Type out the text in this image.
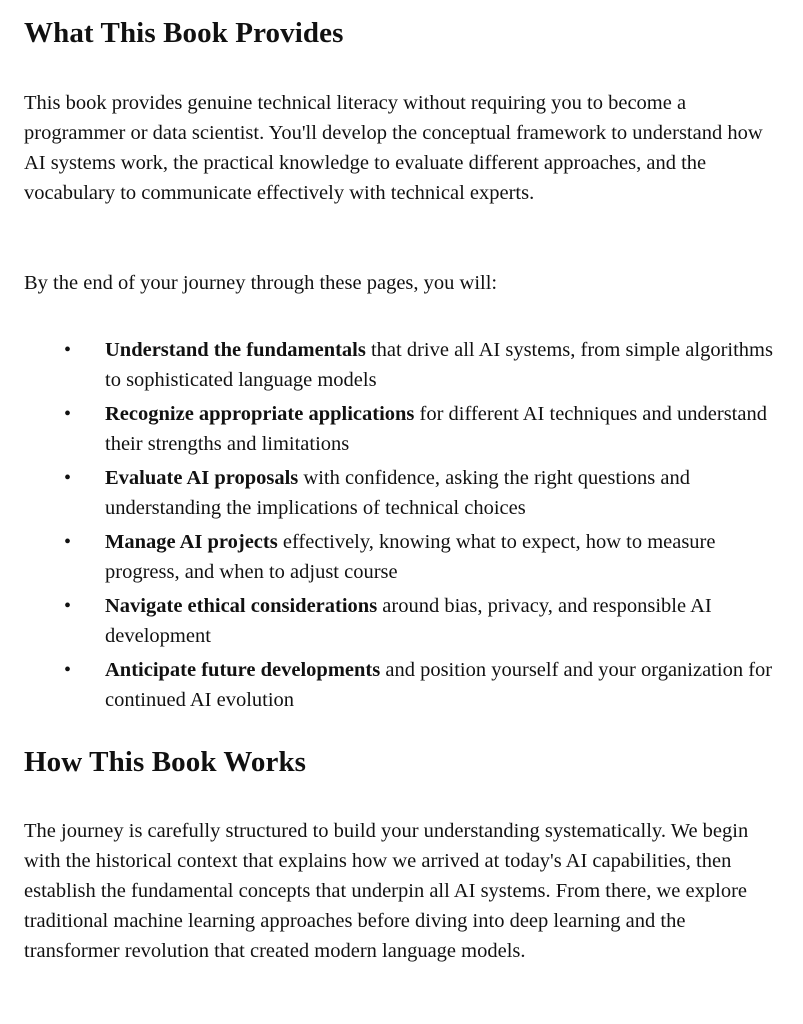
What This Book Provides

This book provides genuine technical literacy without requiring you to become a programmer or data scientist. You'll develop the conceptual framework to understand how AI systems work, the practical knowledge to evaluate different approaches, and the vocabulary to communicate effectively with technical experts.

By the end of your journey through these pages, you will:

• Understand the fundamentals that drive all AI systems, from simple algorithms to sophisticated language models
• Recognize appropriate applications for different AI techniques and understand their strengths and limitations
• Evaluate AI proposals with confidence, asking the right questions and understanding the implications of technical choices
• Manage AI projects effectively, knowing what to expect, how to measure progress, and when to adjust course
• Navigate ethical considerations around bias, privacy, and responsible AI development
• Anticipate future developments and position yourself and your organization for continued AI evolution
How This Book Works

The journey is carefully structured to build your understanding systematically. We begin with the historical context that explains how we arrived at today's AI capabilities, then establish the fundamental concepts that underpin all AI systems. From there, we explore traditional machine learning approaches before diving into deep learning and the transformer revolution that created modern language models.
